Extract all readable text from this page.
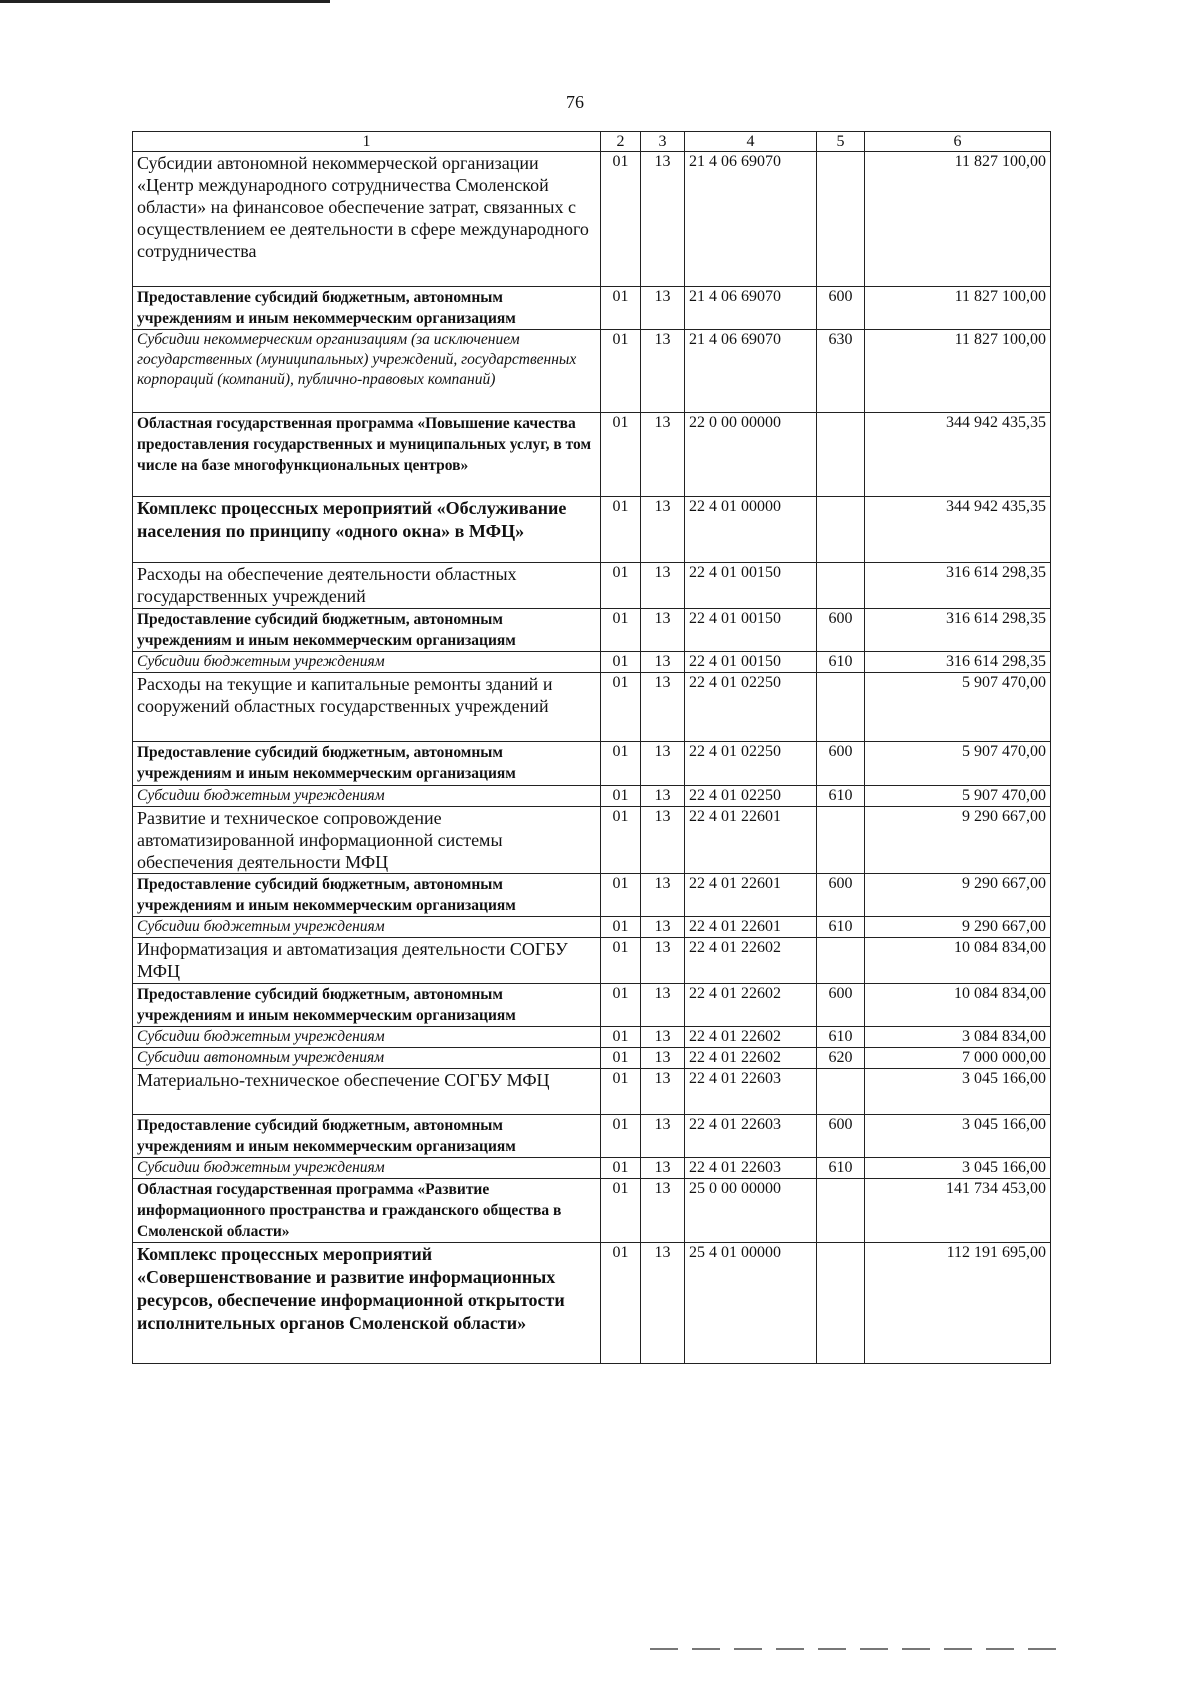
76
1	2	3	4	5	6
Субсидии автономной некоммерческой организации «Центр международного сотрудничества Смоленской области» на финансовое обеспечение затрат, связанных с осуществлением ее деятельности в сфере международного сотрудничества	01	13	21 4 06 69070		11 827 100,00
Предоставление субсидий бюджетным, автономным учреждениям и иным некоммерческим организациям	01	13	21 4 06 69070	600	11 827 100,00
Субсидии некоммерческим организациям (за исключением государственных (муниципальных) учреждений, государственных корпораций (компаний), публично-правовых компаний)	01	13	21 4 06 69070	630	11 827 100,00
Областная государственная программа «Повышение качества предоставления государственных и муниципальных услуг, в том числе на базе многофункциональных центров»	01	13	22 0 00 00000		344 942 435,35
Комплекс процессных мероприятий «Обслуживание населения по принципу «одного окна» в МФЦ»	01	13	22 4 01 00000		344 942 435,35
Расходы на обеспечение деятельности областных государственных учреждений	01	13	22 4 01 00150		316 614 298,35
Предоставление субсидий бюджетным, автономным учреждениям и иным некоммерческим организациям	01	13	22 4 01 00150	600	316 614 298,35
Субсидии бюджетным учреждениям	01	13	22 4 01 00150	610	316 614 298,35
Расходы на текущие и капитальные ремонты зданий и сооружений областных государственных учреждений	01	13	22 4 01 02250		5 907 470,00
Предоставление субсидий бюджетным, автономным учреждениям и иным некоммерческим организациям	01	13	22 4 01 02250	600	5 907 470,00
Субсидии бюджетным учреждениям	01	13	22 4 01 02250	610	5 907 470,00
Развитие и техническое сопровождение автоматизированной информационной системы обеспечения деятельности МФЦ	01	13	22 4 01 22601		9 290 667,00
Предоставление субсидий бюджетным, автономным учреждениям и иным некоммерческим организациям	01	13	22 4 01 22601	600	9 290 667,00
Субсидии бюджетным учреждениям	01	13	22 4 01 22601	610	9 290 667,00
Информатизация и автоматизация деятельности СОГБУ МФЦ	01	13	22 4 01 22602		10 084 834,00
Предоставление субсидий бюджетным, автономным учреждениям и иным некоммерческим организациям	01	13	22 4 01 22602	600	10 084 834,00
Субсидии бюджетным учреждениям	01	13	22 4 01 22602	610	3 084 834,00
Субсидии автономным учреждениям	01	13	22 4 01 22602	620	7 000 000,00
Материально-техническое обеспечение СОГБУ МФЦ	01	13	22 4 01 22603		3 045 166,00
Предоставление субсидий бюджетным, автономным учреждениям и иным некоммерческим организациям	01	13	22 4 01 22603	600	3 045 166,00
Субсидии бюджетным учреждениям	01	13	22 4 01 22603	610	3 045 166,00
Областная государственная программа «Развитие информационного пространства и гражданского общества в Смоленской области»	01	13	25 0 00 00000		141 734 453,00
Комплекс процессных мероприятий «Совершенствование и развитие информационных ресурсов, обеспечение информационной открытости исполнительных органов Смоленской области»	01	13	25 4 01 00000		112 191 695,00
